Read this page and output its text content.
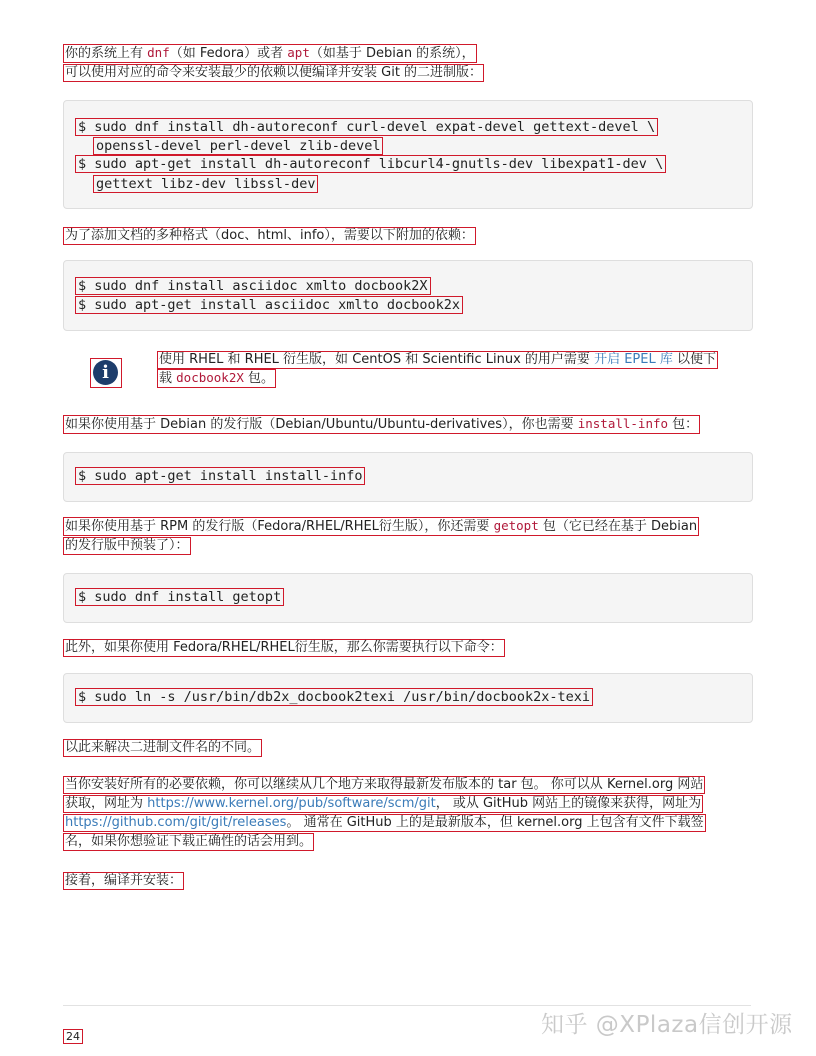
你的系统上有 dnf（如 Fedora）或者 apt（如基于 Debian 的系统），
可以使用对应的命令来安装最少的依赖以便编译并安装 Git 的二进制版：
$ sudo dnf install dh-autoreconf curl-devel expat-devel gettext-devel \
openssl-devel perl-devel zlib-devel
$ sudo apt-get install dh-autoreconf libcurl4-gnutls-dev libexpat1-dev \
gettext libz-dev libssl-dev
为了添加文档的多种格式（doc、html、info），需要以下附加的依赖：
$ sudo dnf install asciidoc xmlto docbook2X
$ sudo apt-get install asciidoc xmlto docbook2x
i
使用 RHEL 和 RHEL 衍生版，如 CentOS 和 Scientific Linux 的用户需要 开启 EPEL 库 以便下
载 docbook2X 包。
如果你使用基于 Debian 的发行版（Debian/Ubuntu/Ubuntu-derivatives），你也需要 install-info 包：
$ sudo apt-get install install-info
如果你使用基于 RPM 的发行版（Fedora/RHEL/RHEL衍生版），你还需要 getopt 包（它已经在基于 Debian
的发行版中预装了）：
$ sudo dnf install getopt
此外，如果你使用 Fedora/RHEL/RHEL衍生版，那么你需要执行以下命令：
$ sudo ln -s /usr/bin/db2x_docbook2texi /usr/bin/docbook2x-texi
以此来解决二进制文件名的不同。
当你安装好所有的必要依赖，你可以继续从几个地方来取得最新发布版本的 tar 包。 你可以从 Kernel.org 网站
获取，网址为 https://www.kernel.org/pub/software/scm/git， 或从 GitHub 网站上的镜像来获得，网址为
https://github.com/git/git/releases。 通常在 GitHub 上的是最新版本，但 kernel.org 上包含有文件下载签
名，如果你想验证下载正确性的话会用到。
接着，编译并安装：
24	知乎 @XPlaza信创开源
